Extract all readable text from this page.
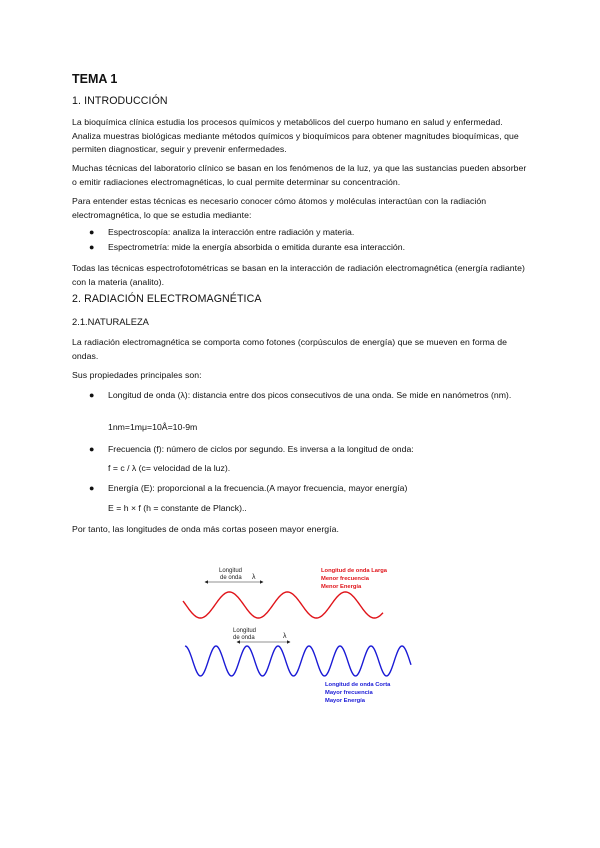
TEMA 1
1. INTRODUCCIÓN

La bioquímica clínica estudia los procesos químicos y metabólicos del cuerpo humano en salud y enfermedad. Analiza muestras biológicas mediante métodos químicos y bioquímicos para obtener magnitudes bioquímicas, que permiten diagnosticar, seguir y prevenir enfermedades.

Muchas técnicas del laboratorio clínico se basan en los fenómenos de la luz, ya que las sustancias pueden absorber o emitir radiaciones electromagnéticas, lo cual permite determinar su concentración.

Para entender estas técnicas es necesario conocer cómo átomos y moléculas interactúan con la radiación electromagnética, lo que se estudia mediante:

● Espectroscopía: analiza la interacción entre radiación y materia.
● Espectrometría: mide la energía absorbida o emitida durante esa interacción.

Todas las técnicas espectrofotométricas se basan en la interacción de radiación electromagnética (energía radiante) con la materia (analito).

2. RADIACIÓN ELECTROMAGNÉTICA
2.1.NATURALEZA

La radiación electromagnética se comporta como fotones (corpúsculos de energía) que se mueven en forma de ondas.

Sus propiedades principales son:

● Longitud de onda (λ): distancia entre dos picos consecutivos de una onda. Se mide en nanómetros (nm).
1nm=1mμ=10Å=10-9m
● Frecuencia (f): número de ciclos por segundo. Es inversa a la longitud de onda:
f = c / λ (c= velocidad de la luz).
● Energía (E): proporcional a la frecuencia.(A mayor frecuencia, mayor energía)
E = h × f (h = constante de Planck)..

Por tanto, las longitudes de onda más cortas poseen mayor energía.

Longitud
de onda λ
Longitud de onda Larga
Menor frecuencia
Menor Energía
Longitud
de onda	λ
Longitud de onda Corta
Mayor frecuencia
Mayor Energía
